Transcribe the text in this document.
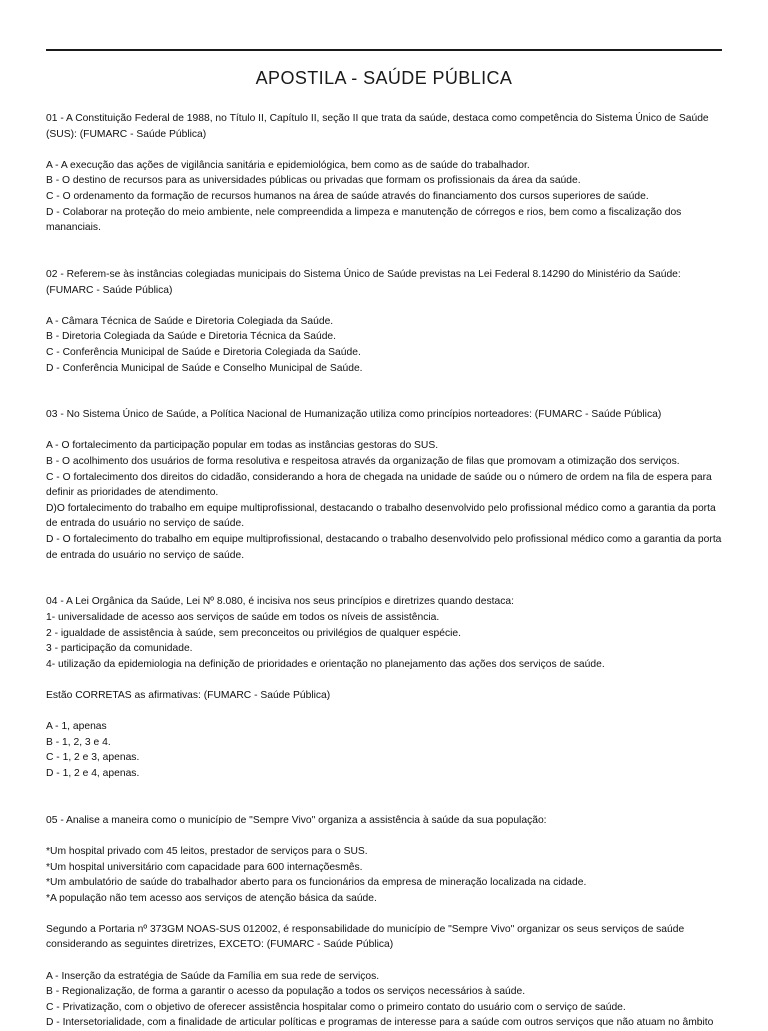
APOSTILA - SAÚDE PÚBLICA

01 - A Constituição Federal de 1988, no Título II, Capítulo II, seção II que trata da saúde, destaca como competência do Sistema Único de Saúde (SUS): (FUMARC - Saúde Pública)

A - A execução das ações de vigilância sanitária e epidemiológica, bem como as de saúde do trabalhador.

B - O destino de recursos para as universidades públicas ou privadas que formam os profissionais da área da saúde.

C - O ordenamento da formação de recursos humanos na área de saúde através do financiamento dos cursos superiores de saúde.

D - Colaborar na proteção do meio ambiente, nele compreendida a limpeza e manutenção de córregos e rios, bem como a fiscalização dos mananciais.

02 - Referem-se às instâncias colegiadas municipais do Sistema Único de Saúde previstas na Lei Federal 8.14290 do Ministério da Saúde: (FUMARC - Saúde Pública)

A - Câmara Técnica de Saúde e Diretoria Colegiada da Saúde.

B - Diretoria Colegiada da Saúde e Diretoria Técnica da Saúde.

C - Conferência Municipal de Saúde e Diretoria Colegiada da Saúde.

D - Conferência Municipal de Saúde e Conselho Municipal de Saúde.

03 - No Sistema Único de Saúde, a Política Nacional de Humanização utiliza como princípios norteadores: (FUMARC - Saúde Pública)

A - O fortalecimento da participação popular em todas as instâncias gestoras do SUS.

B - O acolhimento dos usuários de forma resolutiva e respeitosa através da organização de filas que promovam a otimização dos serviços.

C - O fortalecimento dos direitos do cidadão, considerando a hora de chegada na unidade de saúde ou o número de ordem na fila de espera para definir as prioridades de atendimento.

D)O fortalecimento do trabalho em equipe multiprofissional, destacando o trabalho desenvolvido pelo profissional médico como a garantia da porta de entrada do usuário no serviço de saúde.

D - O fortalecimento do trabalho em equipe multiprofissional, destacando o trabalho desenvolvido pelo profissional médico como a garantia da porta de entrada do usuário no serviço de saúde.

04 - A Lei Orgânica da Saúde, Lei Nº 8.080, é incisiva nos seus princípios e diretrizes quando destaca:

1- universalidade de acesso aos serviços de saúde em todos os níveis de assistência.

2 - igualdade de assistência à saúde, sem preconceitos ou privilégios de qualquer espécie.

3 - participação da comunidade.

4- utilização da epidemiologia na definição de prioridades e orientação no planejamento das ações dos serviços de saúde.

Estão CORRETAS as afirmativas: (FUMARC - Saúde Pública)

A - 1, apenas

B - 1, 2, 3 e 4.

C - 1, 2 e 3, apenas.

D - 1, 2 e 4, apenas.

05 - Analise a maneira como o município de "Sempre Vivo" organiza a assistência à saúde da sua população:

*Um hospital privado com 45 leitos, prestador de serviços para o SUS.

*Um hospital universitário com capacidade para 600 internaçõesmês.

*Um ambulatório de saúde do trabalhador aberto para os funcionários da empresa de mineração localizada na cidade.

*A população não tem acesso aos serviços de atenção básica da saúde.

Segundo a Portaria nº 373GM NOAS-SUS 012002, é responsabilidade do município de "Sempre Vivo" organizar os seus serviços de saúde considerando as seguintes diretrizes, EXCETO: (FUMARC - Saúde Pública)

A - Inserção da estratégia de Saúde da Família em sua rede de serviços.

B - Regionalização, de forma a garantir o acesso da população a todos os serviços necessários à saúde.

C - Privatização, com o objetivo de oferecer assistência hospitalar como o primeiro contato do usuário com o serviço de saúde.

D - Intersetorialidade, com a finalidade de articular políticas e programas de interesse para a saúde com outros serviços que não atuam no âmbito
